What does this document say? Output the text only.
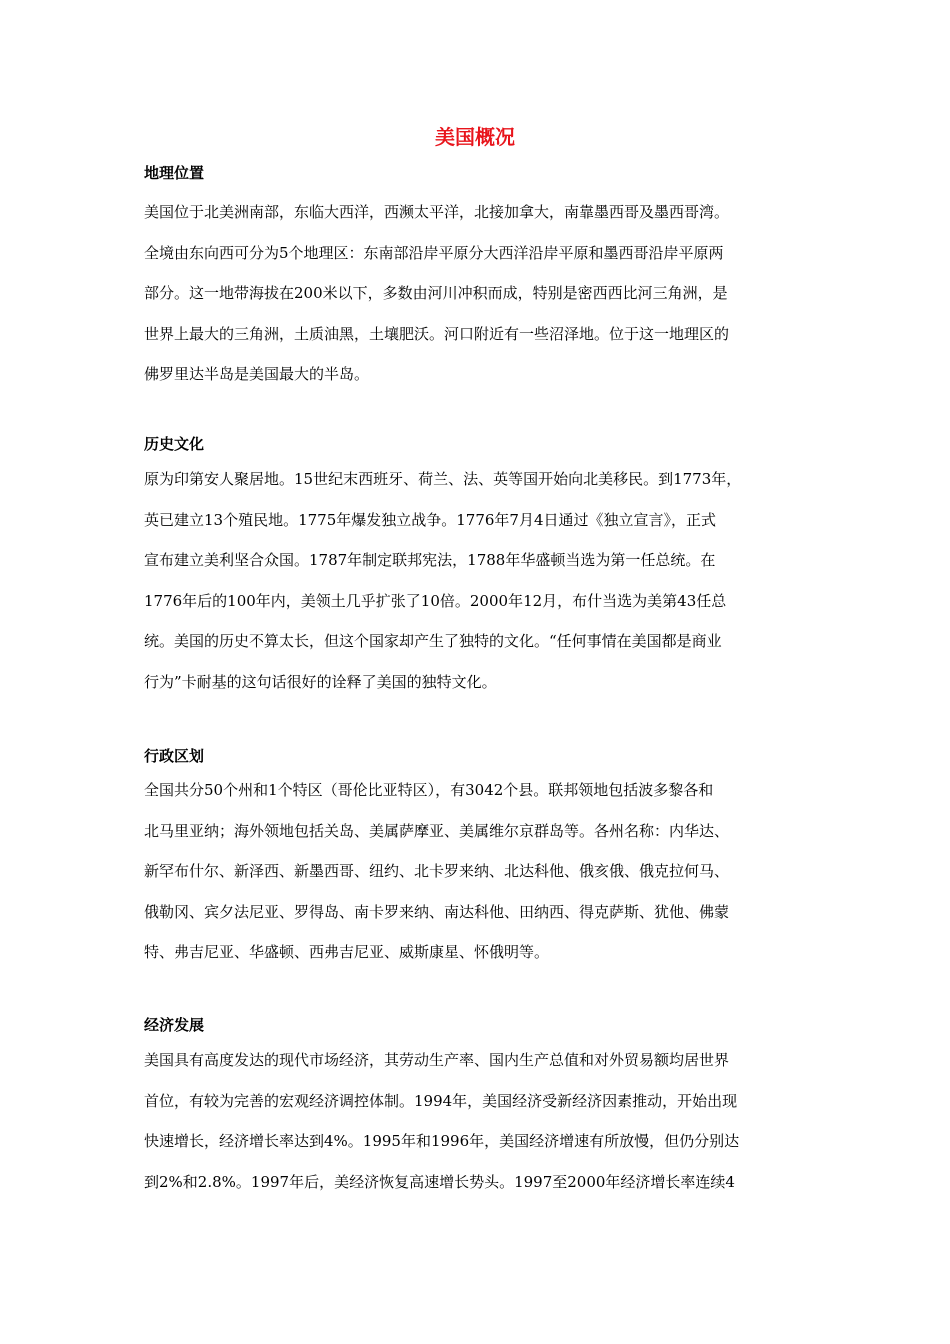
美国概况
地理位置
美国位于北美洲南部，东临大西洋，西濒太平洋，北接加拿大，南靠墨西哥及墨西哥湾。
全境由东向西可分为5个地理区：东南部沿岸平原分大西洋沿岸平原和墨西哥沿岸平原两
部分。这一地带海拔在200米以下，多数由河川冲积而成，特别是密西西比河三角洲，是
世界上最大的三角洲，土质油黑，土壤肥沃。河口附近有一些沼泽地。位于这一地理区的
佛罗里达半岛是美国最大的半岛。
历史文化
原为印第安人聚居地。15世纪末西班牙、荷兰、法、英等国开始向北美移民。到1773年，
英已建立13个殖民地。1775年爆发独立战争。1776年7月4日通过《独立宣言》，正式
宣布建立美利坚合众国。1787年制定联邦宪法，1788年华盛顿当选为第一任总统。在
1776年后的100年内，美领土几乎扩张了10倍。2000年12月，布什当选为美第43任总
统。美国的历史不算太长，但这个国家却产生了独特的文化。“任何事情在美国都是商业
行为”卡耐基的这句话很好的诠释了美国的独特文化。
行政区划
全国共分50个州和1个特区（哥伦比亚特区），有3042个县。联邦领地包括波多黎各和
北马里亚纳；海外领地包括关岛、美属萨摩亚、美属维尔京群岛等。各州名称：内华达、
新罕布什尔、新泽西、新墨西哥、纽约、北卡罗来纳、北达科他、俄亥俄、俄克拉何马、
俄勒冈、宾夕法尼亚、罗得岛、南卡罗来纳、南达科他、田纳西、得克萨斯、犹他、佛蒙
特、弗吉尼亚、华盛顿、西弗吉尼亚、威斯康星、怀俄明等。
经济发展
美国具有高度发达的现代市场经济，其劳动生产率、国内生产总值和对外贸易额均居世界
首位，有较为完善的宏观经济调控体制。1994年，美国经济受新经济因素推动，开始出现
快速增长，经济增长率达到4%。1995年和1996年，美国经济增速有所放慢，但仍分别达
到2%和2.8%。1997年后，美经济恢复高速增长势头。1997至2000年经济增长率连续4
